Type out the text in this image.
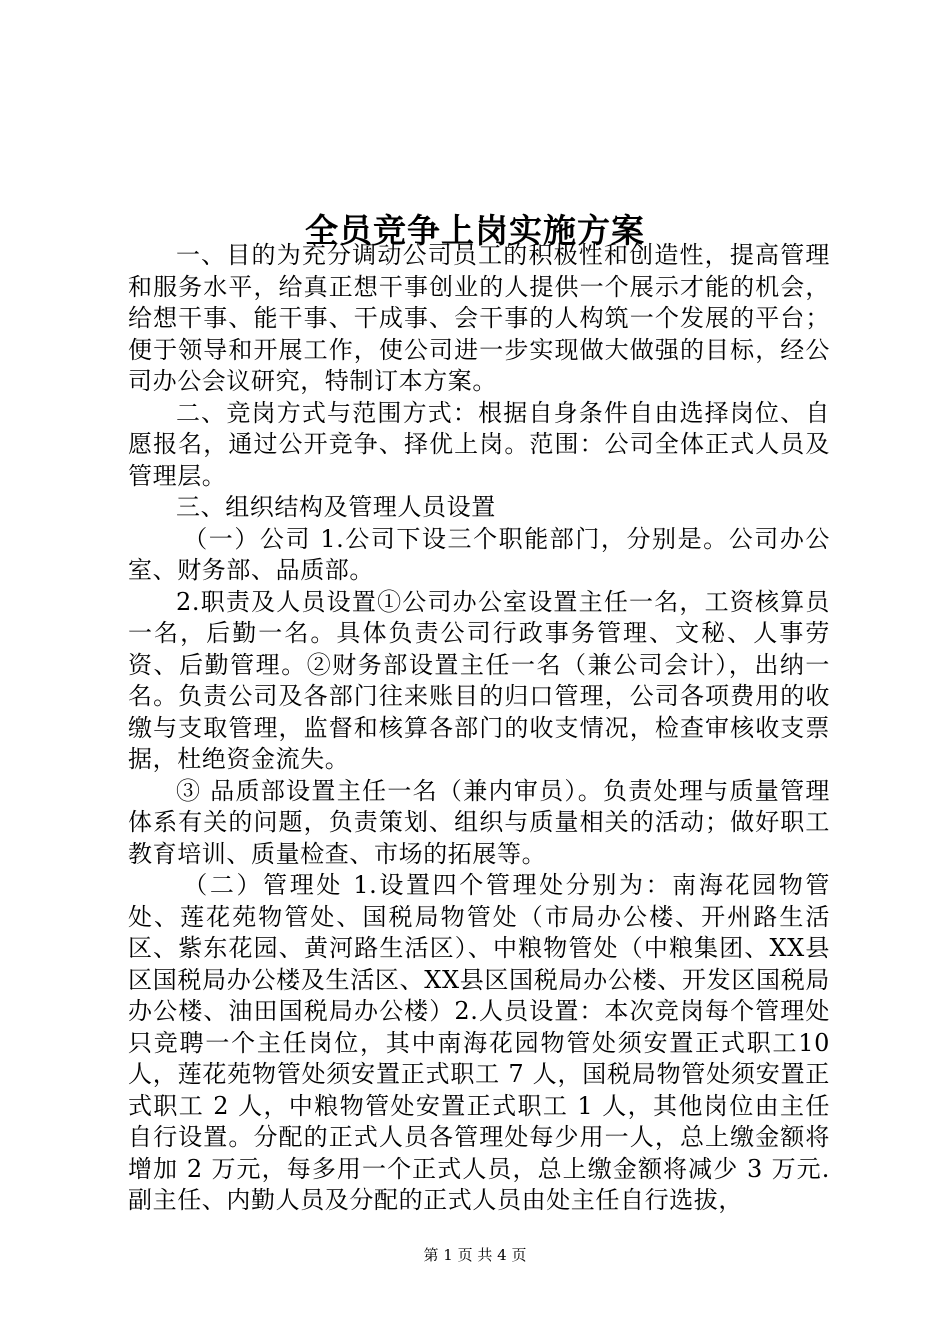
全员竞争上岗实施方案

一、目的为充分调动公司员工的积极性和创造性，提高管理和服务水平，给真正想干事创业的人提供一个展示才能的机会，给想干事、能干事、干成事、会干事的人构筑一个发展的平台；便于领导和开展工作，使公司进一步实现做大做强的目标，经公司办公会议研究，特制订本方案。

二、竞岗方式与范围方式：根据自身条件自由选择岗位、自愿报名，通过公开竞争、择优上岗。范围：公司全体正式人员及管理层。

三、组织结构及管理人员设置

（一）公司 1.公司下设三个职能部门，分别是。公司办公室、财务部、品质部。

2.职责及人员设置①公司办公室设置主任一名，工资核算员一名，后勤一名。具体负责公司行政事务管理、文秘、人事劳资、后勤管理。②财务部设置主任一名（兼公司会计），出纳一名。负责公司及各部门往来账目的归口管理，公司各项费用的收缴与支取管理，监督和核算各部门的收支情况，检查审核收支票据，杜绝资金流失。

③ 品质部设置主任一名（兼内审员）。负责处理与质量管理体系有关的问题，负责策划、组织与质量相关的活动；做好职工教育培训、质量检查、市场的拓展等。

（二）管理处 1.设置四个管理处分别为：南海花园物管处、莲花苑物管处、国税局物管处（市局办公楼、开州路生活区、紫东花园、黄河路生活区）、中粮物管处（中粮集团、XX县区国税局办公楼及生活区、XX县区国税局办公楼、开发区国税局办公楼、油田国税局办公楼）2.人员设置：本次竞岗每个管理处只竞聘一个主任岗位，其中南海花园物管处须安置正式职工10人，莲花苑物管处须安置正式职工 7 人，国税局物管处须安置正式职工 2 人，中粮物管处安置正式职工 1 人，其他岗位由主任自行设置。分配的正式人员各管理处每少用一人，总上缴金额将增加 2 万元，每多用一个正式人员，总上缴金额将减少 3 万元.副主任、内勤人员及分配的正式人员由处主任自行选拔，

第 1 页 共 4 页
